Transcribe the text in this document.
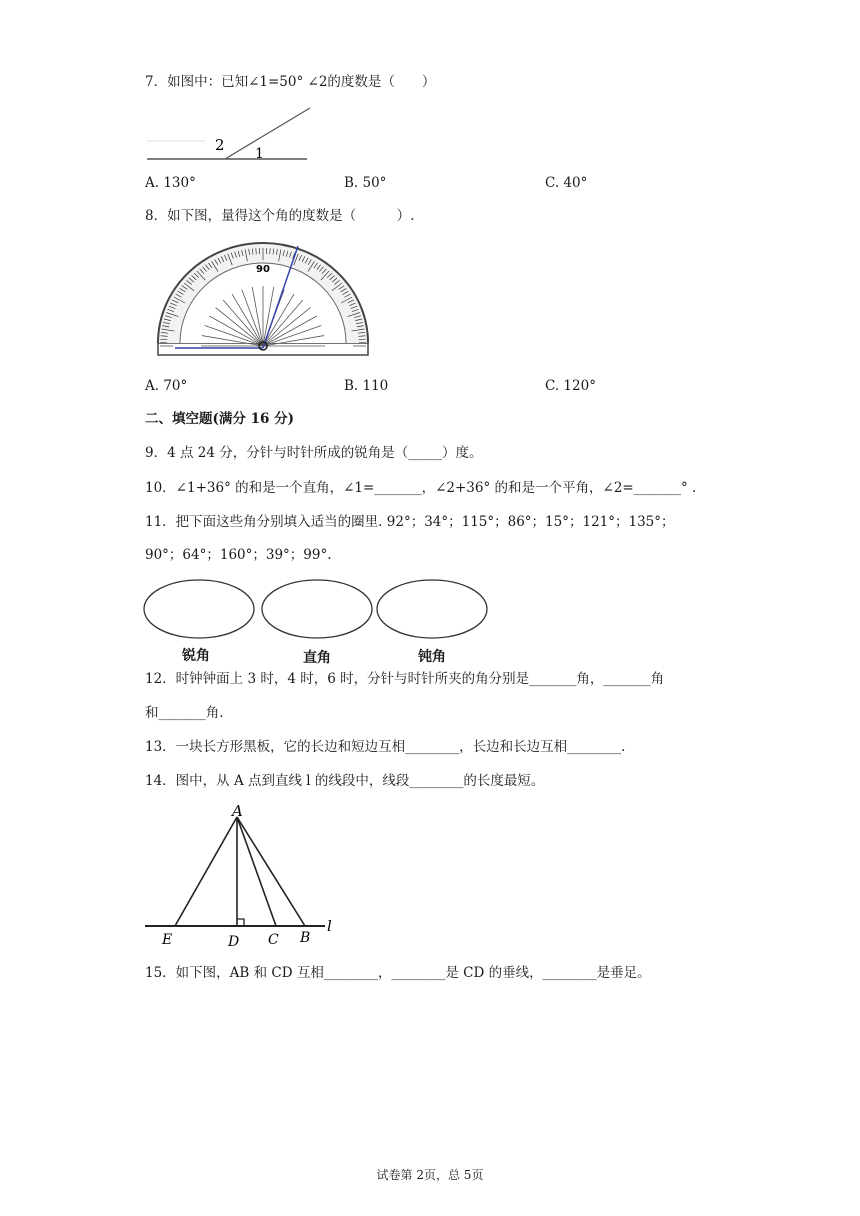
7．如图中：已知∠1=50° ∠2的度数是（　　）
2 1
A. 130°	B. 50°	C. 40°
8．如下图，量得这个角的度数是（　　　）.
90
A. 70°	B. 110	C. 120°
二、填空题(满分 16 分)
9．4 点 24 分，分针与时针所成的锐角是（_____）度。
10．∠1+36° 的和是一个直角，∠1=_______，∠2+36° 的和是一个平角，∠2=_______° .
11．把下面这些角分别填入适当的圈里. 92°；34°；115°；86°；15°；121°；135°；
90°；64°；160°；39°；99°.
锐角	直角	钝角
12．时钟钟面上 3 时，4 时，6 时，分针与时针所夹的角分别是_______角，_______角
和_______角.
13．一块长方形黑板，它的长边和短边互相________，长边和长边互相________.
14．图中，从 A 点到直线 l 的线段中，线段________的长度最短。
A
E	D C B
l
15．如下图，AB 和 CD 互相________，________是 CD 的垂线，________是垂足。
试卷第 2页，总 5页
